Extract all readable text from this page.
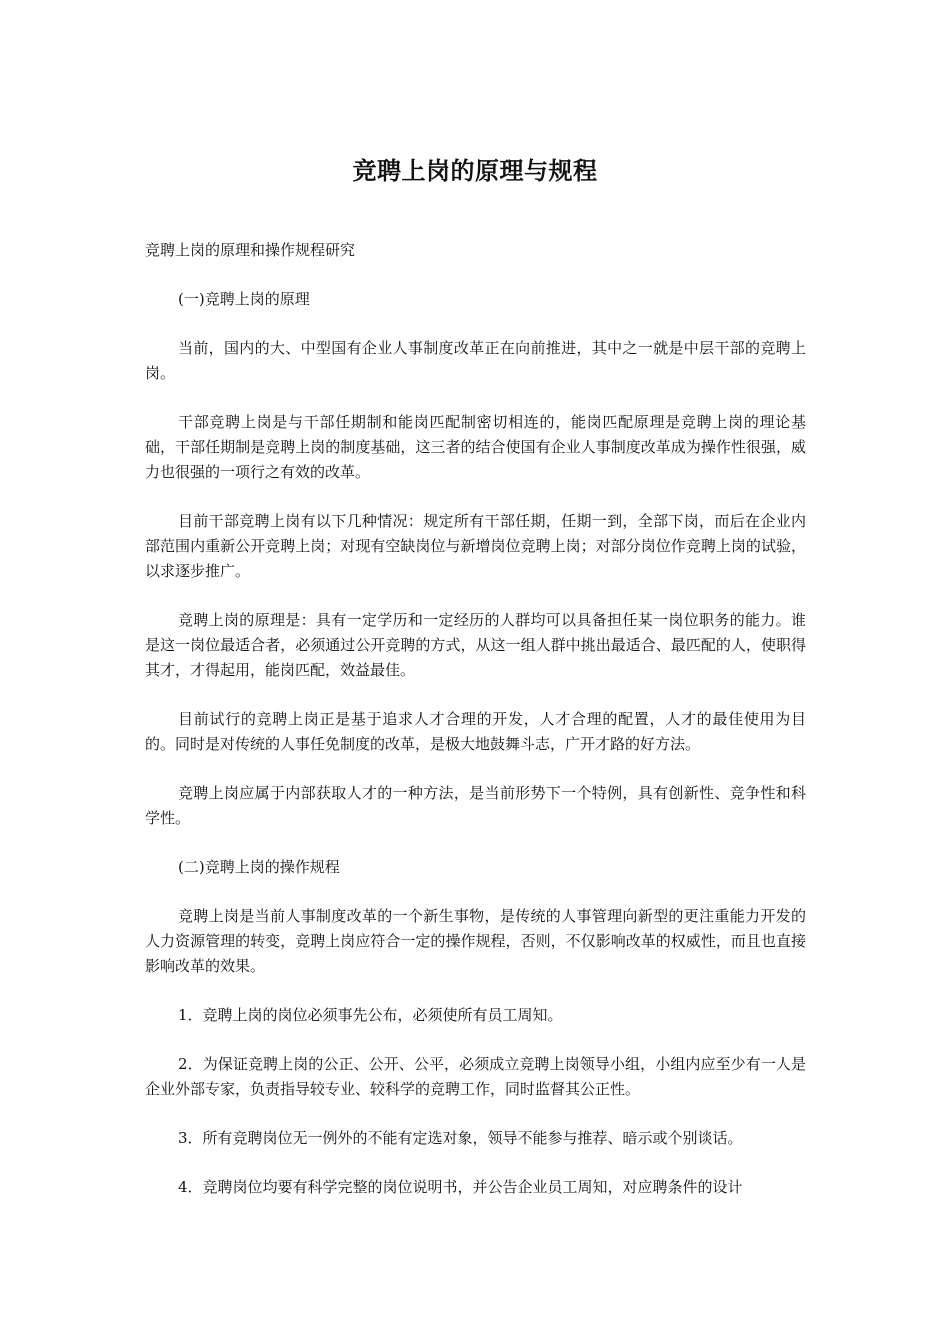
竞聘上岗的原理与规程

竞聘上岗的原理和操作规程研究

(一)竞聘上岗的原理

当前，国内的大、中型国有企业人事制度改革正在向前推进，其中之一就是中层干部的竞聘上岗。

干部竞聘上岗是与干部任期制和能岗匹配制密切相连的，能岗匹配原理是竞聘上岗的理论基础，干部任期制是竞聘上岗的制度基础，这三者的结合使国有企业人事制度改革成为操作性很强，威力也很强的一项行之有效的改革。

目前干部竞聘上岗有以下几种情况：规定所有干部任期，任期一到，全部下岗，而后在企业内部范围内重新公开竞聘上岗；对现有空缺岗位与新增岗位竞聘上岗；对部分岗位作竞聘上岗的试验，以求逐步推广。

竞聘上岗的原理是：具有一定学历和一定经历的人群均可以具备担任某一岗位职务的能力。谁是这一岗位最适合者，必须通过公开竞聘的方式，从这一组人群中挑出最适合、最匹配的人，使职得其才，才得起用，能岗匹配，效益最佳。

目前试行的竞聘上岗正是基于追求人才合理的开发，人才合理的配置，人才的最佳使用为目的。同时是对传统的人事任免制度的改革，是极大地鼓舞斗志，广开才路的好方法。

竞聘上岗应属于内部获取人才的一种方法，是当前形势下一个特例，具有创新性、竞争性和科学性。

(二)竞聘上岗的操作规程

竞聘上岗是当前人事制度改革的一个新生事物，是传统的人事管理向新型的更注重能力开发的人力资源管理的转变，竞聘上岗应符合一定的操作规程，否则，不仅影响改革的权威性，而且也直接影响改革的效果。

1．竞聘上岗的岗位必须事先公布，必须使所有员工周知。

2．为保证竞聘上岗的公正、公开、公平，必须成立竞聘上岗领导小组，小组内应至少有一人是企业外部专家，负责指导较专业、较科学的竞聘工作，同时监督其公正性。

3．所有竞聘岗位无一例外的不能有定选对象，领导不能参与推荐、暗示或个别谈话。

4．竞聘岗位均要有科学完整的岗位说明书，并公告企业员工周知，对应聘条件的设计
